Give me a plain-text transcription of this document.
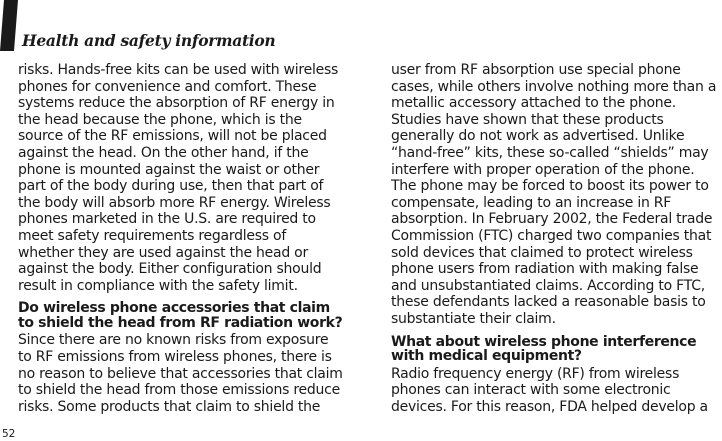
Health and safety information

risks. Hands-free kits can be used with wireless
phones for convenience and comfort. These
systems reduce the absorption of RF energy in
the head because the phone, which is the
source of the RF emissions, will not be placed
against the head. On the other hand, if the
phone is mounted against the waist or other
part of the body during use, then that part of
the body will absorb more RF energy. Wireless
phones marketed in the U.S. are required to
meet safety requirements regardless of
whether they are used against the head or
against the body. Either configuration should
result in compliance with the safety limit.

Do wireless phone accessories that claim
to shield the head from RF radiation work?

Since there are no known risks from exposure
to RF emissions from wireless phones, there is
no reason to believe that accessories that claim
to shield the head from those emissions reduce
risks. Some products that claim to shield the

user from RF absorption use special phone
cases, while others involve nothing more than a
metallic accessory attached to the phone.
Studies have shown that these products
generally do not work as advertised. Unlike
“hand-free” kits, these so-called “shields” may
interfere with proper operation of the phone.
The phone may be forced to boost its power to
compensate, leading to an increase in RF
absorption. In February 2002, the Federal trade
Commission (FTC) charged two companies that
sold devices that claimed to protect wireless
phone users from radiation with making false
and unsubstantiated claims. According to FTC,
these defendants lacked a reasonable basis to
substantiate their claim.

What about wireless phone interference
with medical equipment?

Radio frequency energy (RF) from wireless
phones can interact with some electronic
devices. For this reason, FDA helped develop a

52
